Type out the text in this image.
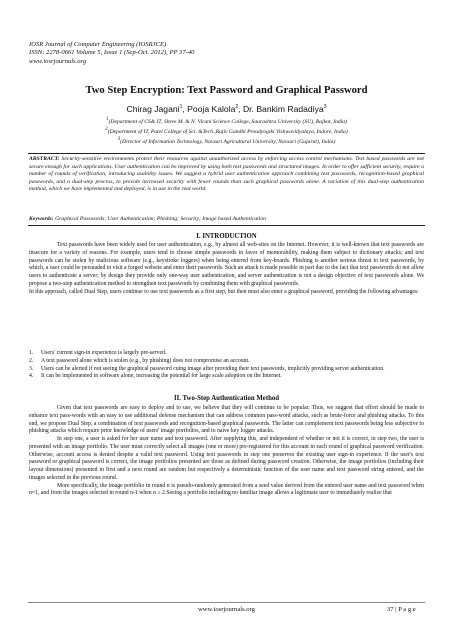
IOSR Journal of Computer Engineering (IOSRJCE)
ISSN: 2278-0661 Volume 5, Issue 1 (Sep-Oct. 2012), PP 37-40
www.iosrjournals.org
Two Step Encryption: Text Password and Graphical Password
Chirag Jagani$^1$, Pooja Kalola$^2$, Dr. Bankim Radadiya$^3$
$^1$(Department of CS& IT, Shree M. & N. Virani Science College, Saurashtra University (SU), Rajkot, India)
$^2$(Department of IT, Patel College of Sci. &Tech.,Rajiv Gandhi Proudyogiki Vishwavidyalaya, Indore, India)
$^3$(Director of Information Technology, Navsari Agricultural University, Navsari (Gujarat), India)
ABSTRACT: Security-sensitive environments protect their resources against unauthorized access by enforcing access control mechanisms. Text based passwords are not secure enough for such applications. User authentication can be improved by using both text passwords and structured images. In order to offer sufficient security, require a number of rounds of verification, introducing usability issues. We suggest a hybrid user authentication approach combining text passwords, recognition-based graphical passwords, and a dual-step process, to provide increased security with fewer rounds than such graphical passwords alone. A variation of this dual-step authentication method, which we have implemented and deployed, is in use in the real world.
Keywords: Graphical Passwords; User Authentication; Phishing; Security; Image based Authentication
I. INTRODUCTION

Text passwords have been widely used for user authentication, e.g., by almost all web-sites on the Internet. However, it is well-known that text passwords are insecure for a variety of reasons. For example, users tend to choose simple passwords in favor of memorability, making them subject to dictionary attacks; and text passwords can be stolen by malicious software (e.g., keystroke loggers) when being entered from key-boards. Phishing is another serious threat to text passwords, by which, a user could be persuaded to visit a forged website and enter their passwords. Such an attack is made possible in part due to the fact that text passwords do not allow users to authenticate a server; by design they provide only one-way user authentication, and server authentication is not a design objective of text passwords alone. We propose a two-step authentication method to strengthen text passwords by combining them with graphical passwords.

In this approach, called Dual Step, users continue to use text passwords as a first step, but then must also enter a graphical password, providing the following advantages:

1.	Users' current sign-in experience is largely pre-served.
2.	A text password alone which is stolen (e.g., by phishing) does not compromise an account.
3.	Users can be alerted if not seeing the graphical password cuing image after providing their text passwords, implicitly providing server authentication.
4.	It can be implemented in software alone, increasing the potential for large scale adoption on the Internet.
II. Two-Step Authentication Method

Given that text passwords are easy to deploy and to use, we believe that they will continue to be popular. Thus, we suggest that effort should be made to enhance text pass-words with an easy to use additional defense mechanism that can address common pass-word attacks, such as brute-force and phishing attacks. To this end, we propose Dual Step, a combination of text passwords and recognition-based graphical passwords. The latter can complement text passwords being less subjective to phishing attacks which require prior knowledge of users' image portfolios, and to naive key logger attacks.

In step one, a user is asked for her user name and text password. After supplying this, and independent of whether or not it is correct, in step two, the user is presented with an image portfolio. The user must correctly select all images (one or more) pre-registered for this account in each round of graphical password verification. Otherwise, account access is denied despite a valid text password. Using text passwords in step one preserves the existing user sign-in experience. If the user's text password or graphical password is correct, the image portfolios presented are those as defined during password creation. Otherwise, the image portfolios (including their layout dimensions) presented in first and a next round are random but respectively a deterministic function of the user name and text password string entered, and the images selected in the previous round.

More specifically, the image portfolio in round n is pseudo-randomly generated from a seed value derived from the entered user name and text password when n=1, and from the images selected in round n-1 when n ≥ 2.Seeing a portfolio including no familiar image allows a legitimate user to immediately realize that

www.iosrjournals.org	37 | P a g e
